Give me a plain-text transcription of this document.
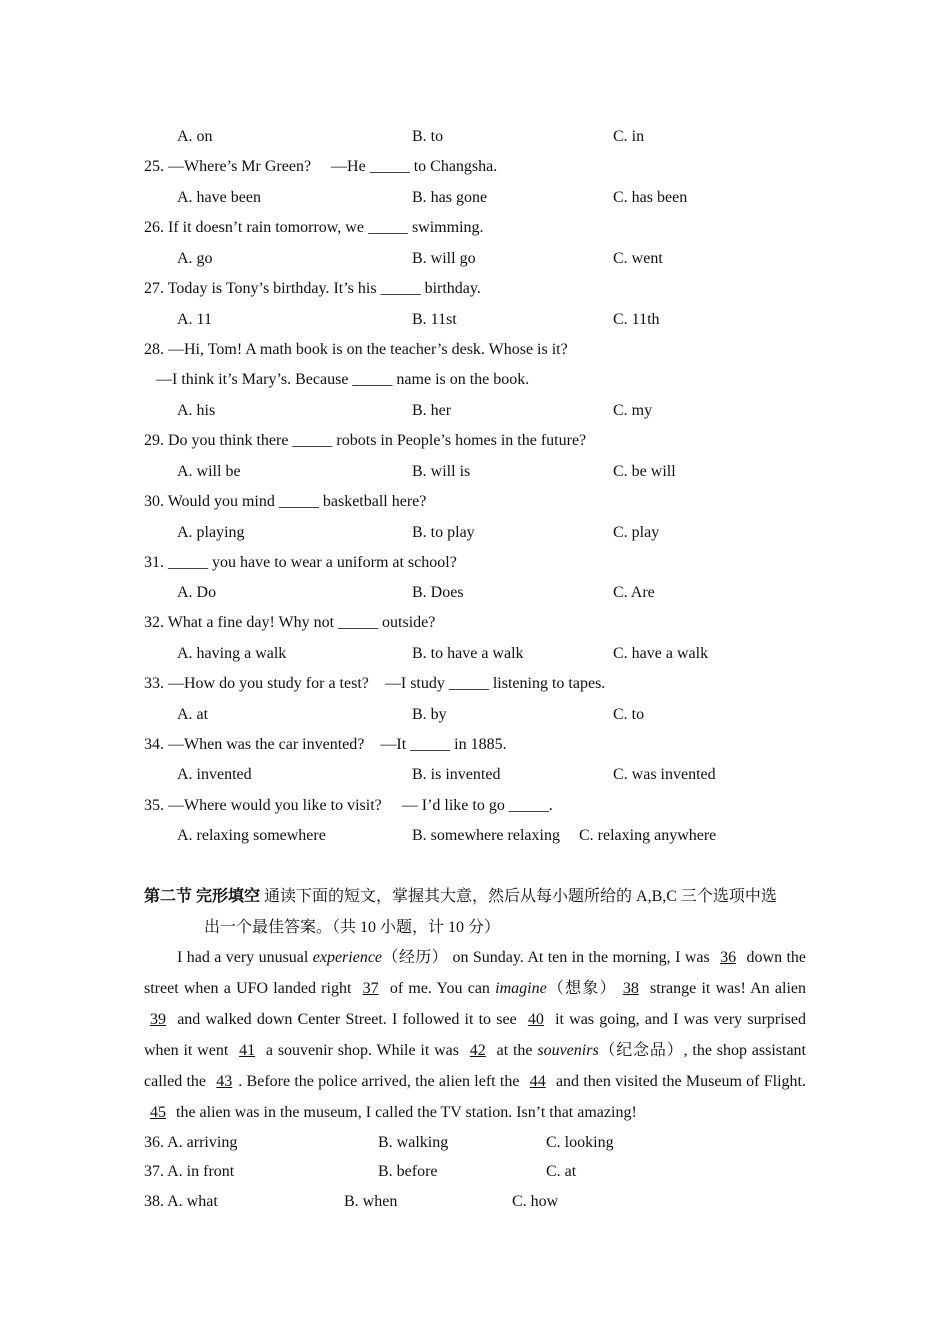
A. on	B. to	C. in
25. —Where’s Mr Green?　 —He _____ to Changsha.
A. have been	B. has gone	C. has been
26. If it doesn’t rain tomorrow, we _____ swimming.
A. go	B. will go	C. went
27. Today is Tony’s birthday. It’s his _____ birthday.
A. 11	B. 11st	C. 11th
28. —Hi, Tom! A math book is on the teacher’s desk. Whose is it?
—I think it’s Mary’s. Because _____ name is on the book.
A. his	B. her	C. my
29. Do you think there _____ robots in People’s homes in the future?
A. will be	B. will is	C. be will
30. Would you mind _____ basketball here?
A. playing	B. to play	C. play
31. _____ you have to wear a uniform at school?
A. Do	B. Does	C. Are
32. What a fine day! Why not _____ outside?
A. having a walk	B. to have a walk	C. have a walk
33. —How do you study for a test?　—I study _____ listening to tapes.
A. at	B. by	C. to
34. —When was the car invented?　—It _____ in 1885.
A. invented	B. is invented	C. was invented
35. —Where would you like to visit?　 — I’d like to go _____.
A. relaxing somewhere	B. somewhere relaxing C. relaxing anywhere
第二节 完形填空 通读下面的短文，掌握其大意，然后从每小题所给的 A,B,C 三个选项中选
出一个最佳答案。（共 10 小题，计 10 分）

I had a very unusual experience（经历） on Sunday. At ten in the morning, I was 36 down the street when a UFO landed right 37 of me. You can imagine（想象） 38 strange it was! An alien 39 and walked down Center Street. I followed it to see 40 it was going, and I was very surprised when it went 41 a souvenir shop. While it was 42 at the souvenirs（纪念品）, the shop assistant called the 43 . Before the police arrived, the alien left the 44 and then visited the Museum of Flight. 45 the alien was in the museum, I called the TV station. Isn’t that amazing!

36. A. arriving	B. walking	C. looking
37. A. in front	B. before	C. at
38. A. what	B. when	C. how
